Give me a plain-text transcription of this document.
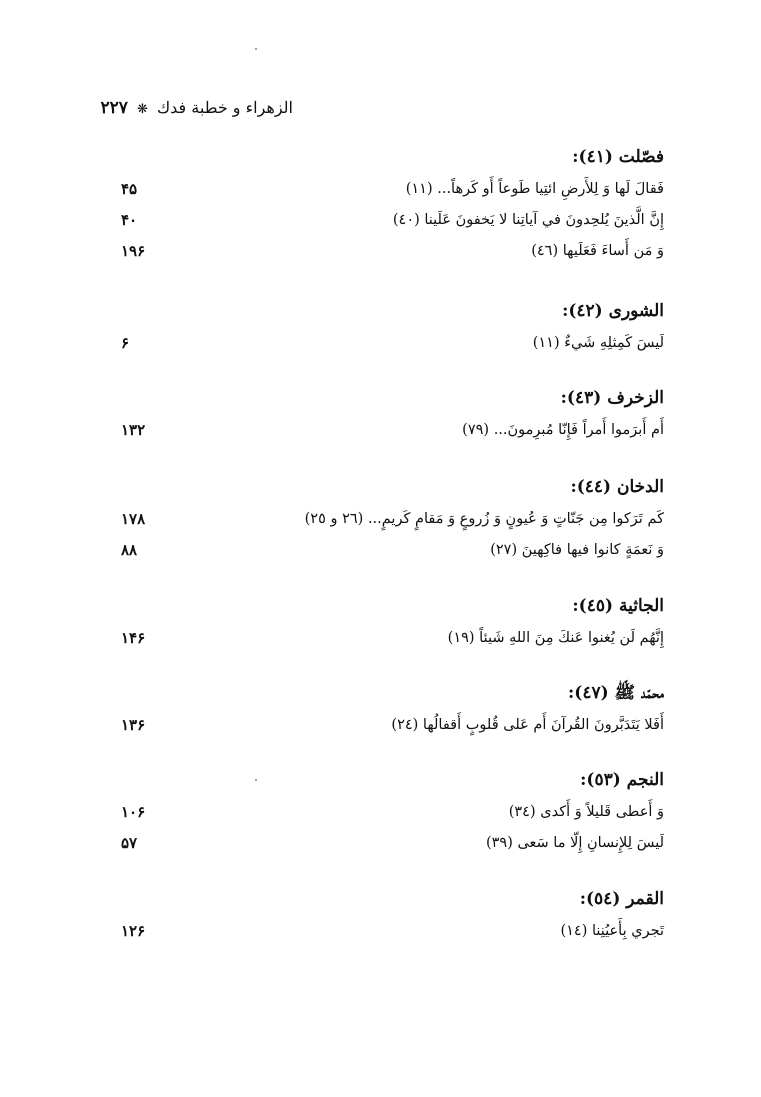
الزهراء و خطبة فدك ❋ ۲۲۷
فصّلت (٤١):
فَقالَ لَها وَ لِلأَرضِ ائتِيا طَوعاً أَو كَرهاً... (١١)
۴۵
إِنَّ الَّذينَ يُلحِدونَ في آياتِنا لا يَخفونَ عَلَينا (٤٠)
۴۰
وَ مَن أَساءَ فَعَلَيها (٤٦)
۱۹۶
الشورى (٤٢):
لَيسَ كَمِثلِهِ شَيءٌ (١١)
۶
الزخرف (٤٣):
أَم أَبرَموا أَمراً فَإِنّا مُبرِمونَ... (٧٩)
۱۳۲
الدخان (٤٤):
كَم تَرَكوا مِن جَنّاتٍ وَ عُيونٍ وَ زُروعٍ وَ مَقامٍ كَريمٍ... (٢٦ و ٢٥)
۱۷۸
وَ نَعمَةٍ كانوا فيها فاكِهينَ (٢٧)
۸۸
الجاثية (٤٥):
إِنَّهُم لَن يُغنوا عَنكَ مِنَ اللهِ شَيئاً (١٩)
۱۴۶
محمّد ﷺ (٤٧):
أَفَلا يَتَدَبَّرونَ القُرآنَ أَم عَلى قُلوبٍ أَقفالُها (٢٤)
۱۳۶
النجم (٥٣):
وَ أَعطى قَليلاً وَ أَكدى (٣٤)
۱۰۶
لَيسَ لِلإِنسانِ إِلّا ما سَعى (٣٩)
۵۷
القمر (٥٤):
تَجري بِأَعيُنِنا (١٤)
۱۲۶
